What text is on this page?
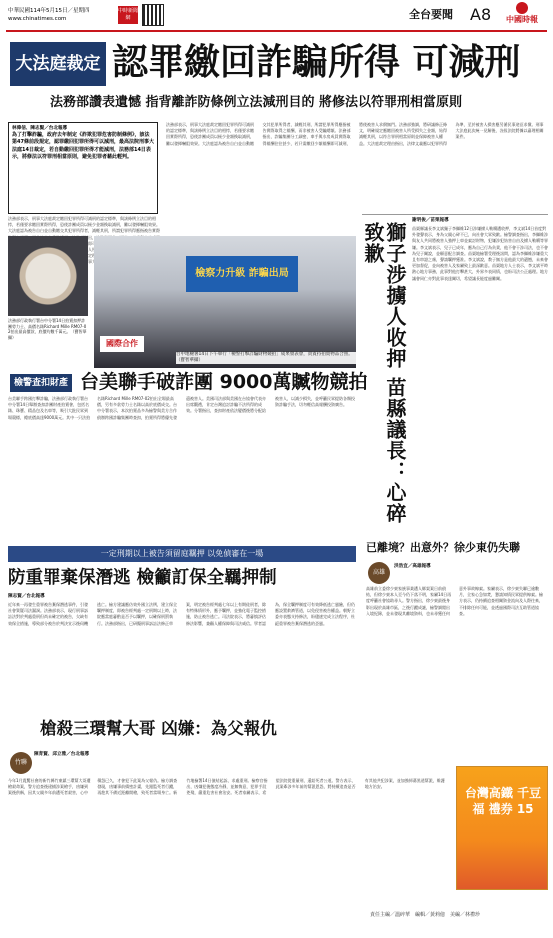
中華民國114年5月15日／星期四
www.chinatimes.com
中時新聞網	全台要聞 A8	中國時報
大法庭裁定 認罪繳回詐騙所得 可減刑
法務部讚表遺憾 指背離詐防條例立法減刑目的 將修法以符罪刑相當原則
林偉信、陳志賢／台北報導
為了打擊詐騙，政府去年制定《詐欺犯罪危害防制條例》，該法第47條前段規定，認罪繳回犯罪所得可以減刑，最高法院刑事大法庭14日裁定，若自動繳回犯罪所得才能減刑，法務部14日表示，將修法以符罪刑相當原則，避免犯罪者藉此輕判。
法務部表示，刑事大法庭裁定繳回犯罪所得可減刑的認定標準，與該條例立法目的相悖，若僅要求繳回實際所得，恐使詐團成員以極少金額換取減刑，難以發揮嚇阻效果。大法庭認為被告自白並自動繳交其犯罪所得者，減輕其刑，所謂犯罪所得應指被告實際取得之報酬，而非被害人受騙總額。法務部指出，詐騙集團分工細密，車手與水房成員實際取得報酬往往甚少，若只需繳回少額報酬即可減刑，將使被害人求償無門。法務部強調，將研議修正條文，明確規定應繳回被害人所受損失之金額，始得減輕其刑，以符合罪刑相當原則並保障被害人權益。大法庭裁定理由指出，法律文義應以犯罪所得為準，至於被害人損害應另循民事途徑求償。刑事大法庭此次統一見解後，各級法院將據以審理相關案件。
法務部表示，刑事大法庭裁定繳回犯罪所得可減刑的認定標準，與該條例立法目的相悖，若僅要求繳回實際所得，恐使詐團成員以極少金額換取減刑，難以發揮嚇阻效果。大法庭認為被告自白並自動繳交其犯罪所得者，減輕其刑，所謂犯罪所得應指被告實際 指出， 報酬即可減 被害人所受 定 求償。刑事大法庭此次
法務部行政執行署台中分署14日拍賣扣押詐團勞力士、高價名錶Richard Mille RM07-02拍出最高價款，底價約數千萬元。（寶智華攝）
檢察力升級 詐騙出局
國際合作
台中地檢署14日下午舉行「檢警打擊詐騙財物競拍」成果發表會，貴賓持拍賣物品合照。（寶智華攝）
檢警查扣財產 台美聯手破詐團 9000萬贓物競拍
台美聯手跨國打擊詐騙，法務部行政執行署台中分署14日舉辦查扣詐團財產拍賣會，包括名錶、珠寶、精品包及名車等，吸引大批民眾到場競標，總底價高達9000萬元。其中一只法拍名錶Richard Mille RM07-02拍出全場最高價，另有多款勞力士名錶以高於底價成交。台中分署表示，本次拍賣品多為檢警與美方合作偵辦跨國詐騙集團時查扣，拍賣所得將優先發還被害人。美國司法部與美國在台協會代表亦出席觀禮，肯定台灣追討詐騙不法所得的成效。分署指出，查扣財產依法變價後將分配給被害人，以減少損失，並呼籲民眾提防各類投資詐騙手法，切勿輕信高報酬投資廣告。	獅子涉擄人收押 苗縣議長：心碎致歉
謝明俊／苗栗報導
苗栗縣議長李文斌獨子李獅維12日涉嫌擄人勒贖遭收押，李文斌14日首度對外發聲表示，身為父親心碎不已，向社會大眾致歉。檢警調查指出，李獅維涉與友人共同將被害人強押上車並索討財物，犯嫌涉犯妨害自由及擄人勒贖等罪嫌。李文斌表示，兒子已成年，應為自己行為負責，他不會干涉司法，也不會為兒子關說，並願意配合調查。苗栗地檢署受理後訊問，認為李獅維涉嫌重大且有串證之虞，聲請羈押獲准。李文斌說，教子無方是他最大的遺憾，未來會更加督促，並向被害人及家屬致上最深歉意。苗栗地方人士表示，李文斌平時熱心地方事務，此事對他打擊甚大，外界多表同情，也盼司法公正處理。地方議會同仁亦對此事表達關切，希望議長能度過難關。
一定刑期以上被告須留庭羈押 以免偵審在一場
防重罪棄保潛逃 檢籲訂保全羈押制
陳志賢／台北報導
近年來一再發生重罪被告棄保潛逃事件，引發社會質疑司法漏洞。法務部表示，現行刑事訴訟法對於判處重刑但尚未確定的被告，欠缺有效保全措施，導致部分被告於判決宣示後伺機逃亡。檢方建議應仿效外國立法例，建立保全羈押制度，即被告經判處一定刑期以上時，法院應當庭審酌是否予以羈押，以確保刑罰執行。法務部指出，已研擬刑事訴訟法修正草案，明定被告經判處七年以上有期徒刑者，除有特殊情形外，應予羈押，並強化電子監控措施，防止被告逃亡。司法院表示，將審慎評估修法影響，兼顧人權保障與司法威信。學者認為，保全羈押制度可有效降低逃亡風險，但仍應設置救濟管道，以免侵害被告權益。朝野立委亦表態支持修法，盼儘速完成立法程序，杜絕重罪被告棄保潛逃的歪風。
已離境？出意外？徐少東仍失聯
高雄
洪浩宜／高雄報導
高雄前立委徐少東家族事業遭人綁架案日前偵結，但徐少東本人至今仍下落不明，家屬14日再度呼籲社會協助尋人。警方指出，徐少東最後身影出現於高雄市區，之後行蹤成謎，檢警調閱出入境紀錄，並未發現其離境資料，也未尋獲任何意外事故線索。家屬表示，徐少東失聯已逾數月，全家心急如焚，懇請知情民眾提供線索。檢方表示，仍持續追查相關資金流向及人際往來，不排除任何可能，並透過國際司法互助管道協查。
台灣高鐵 千豆福 禮券 15
槍殺三環幫大哥 凶嫌：為父報仇
竹聯
陳育賢、邱立雅／台北報導
今年1月震驚社會的新竹縣竹東鎮三環幫大哥遭槍殺命案，警方追查後逮捕涉案槍手，凶嫌到案後供稱，因其父親多年前遭死者殺害，心中積怨已久，才會犯下此案為父報仇。檢方調查發現，凶嫌事前縝密計畫，先跟監死者行蹤，再趁其不備近距離開槍，致死者當場身亡。新竹地檢署14日偵結起訴，求處重刑。檢察官指出，凶嫌犯後態度冷靜，並無悔意，犯罪手段兇殘，嚴重危害社會治安。死者家屬表示，希望法院從重量刑，還給死者公道。警方表示，此案牽涉多年前的幫派恩怨，將持續追查是否有其他共犯涉案，並加強掃蕩黑道幫派，維護地方治安。
責任主編／溫碎華　編輯／黃莉億　美編／林禮珍
